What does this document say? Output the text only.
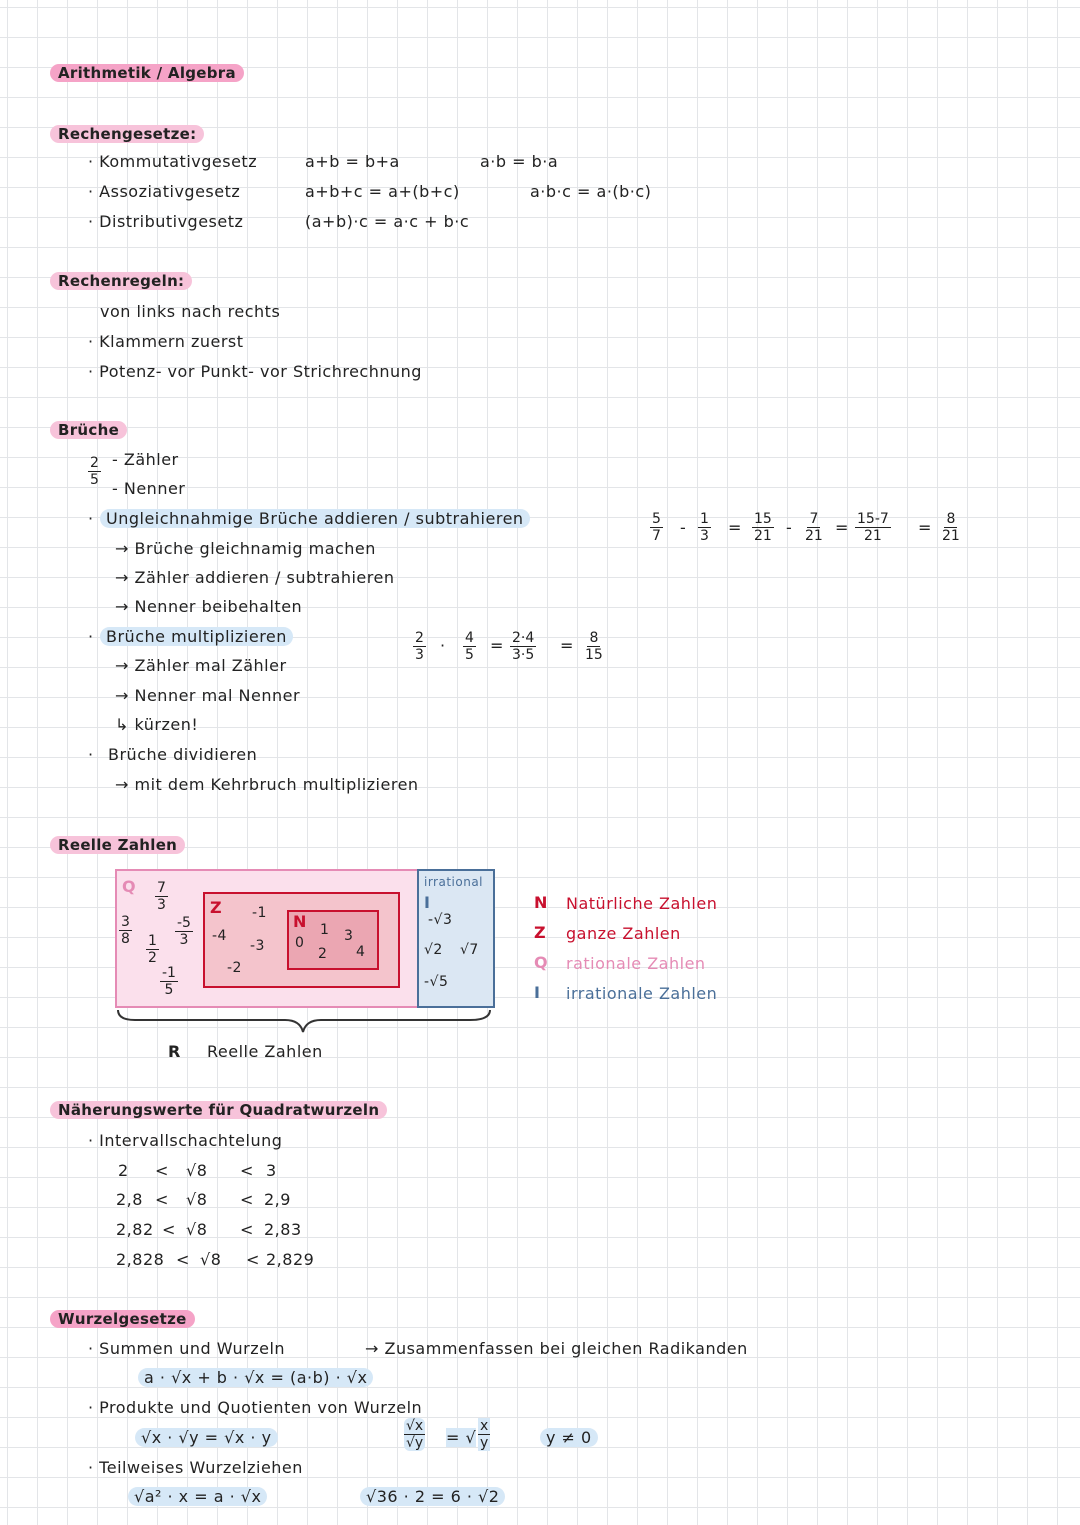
Arithmetik / Algebra
Rechengesetze:
· Kommutativgesetz	a+b = b+a	a·b = b·a
· Assoziativgesetz	a+b+c = a+(b+c)	a·b·c = a·(b·c)
· Distributivgesetz	(a+b)·c = a·c + b·c
Rechenregeln:
von links nach rechts
· Klammern zuerst
· Potenz- vor Punkt- vor Strichrechnung
Brüche
$\frac{2}{5}$ - Zähler
- Nenner
· Ungleichnahmige Brüche addieren / subtrahieren
→ Brüche gleichnamig machen
→ Zähler addieren / subtrahieren
→ Nenner beibehalten
$\frac{5}{7} - \frac{1}{3} = \frac{15}{21} - \frac{7}{21} = \frac{15-7}{21} = \frac{8}{21}$
· Brüche multiplizieren
→ Zähler mal Zähler
→ Nenner mal Nenner
↳ kürzen!
$\frac{2}{3} \cdot \frac{4}{5} = \frac{2\cdot 4}{3\cdot 5} = \frac{8}{15}$
· Brüche dividieren
→ mit dem Kehrbruch multiplizieren
Reelle Zahlen
Q $\frac{7}{3}$
$\frac{3}{8}$
$\frac{1}{2}$
$\frac{-5}{3}$
$\frac{-1}{5}$
Z -1
-4
-3
-2
N
0
1
2
3
4
irrational
I
-√3
√2 √7
-√5
R Reelle Zahlen
N Natürliche Zahlen
Z ganze Zahlen
Q rationale Zahlen
I irrationale Zahlen
Näherungswerte für Quadratwurzeln
· Intervallschachtelung
2 < √8 < 3
2,8 < √8 < 2,9
2,82 < √8 < 2,83
2,828 < √8 < 2,829
Wurzelgesetze
· Summen und Wurzeln	→ Zusammenfassen bei gleichen Radikanden
a · √x + b · √x = (a·b) · √x
· Produkte und Quotienten von Wurzeln
√x · √y = √x · y	$\frac{√x}{√y}$ = √ $\frac{x}{y}$	y ≠ 0
· Teilweises Wurzelziehen
√a² · x = a · √x	√36 · 2 = 6 · √2
